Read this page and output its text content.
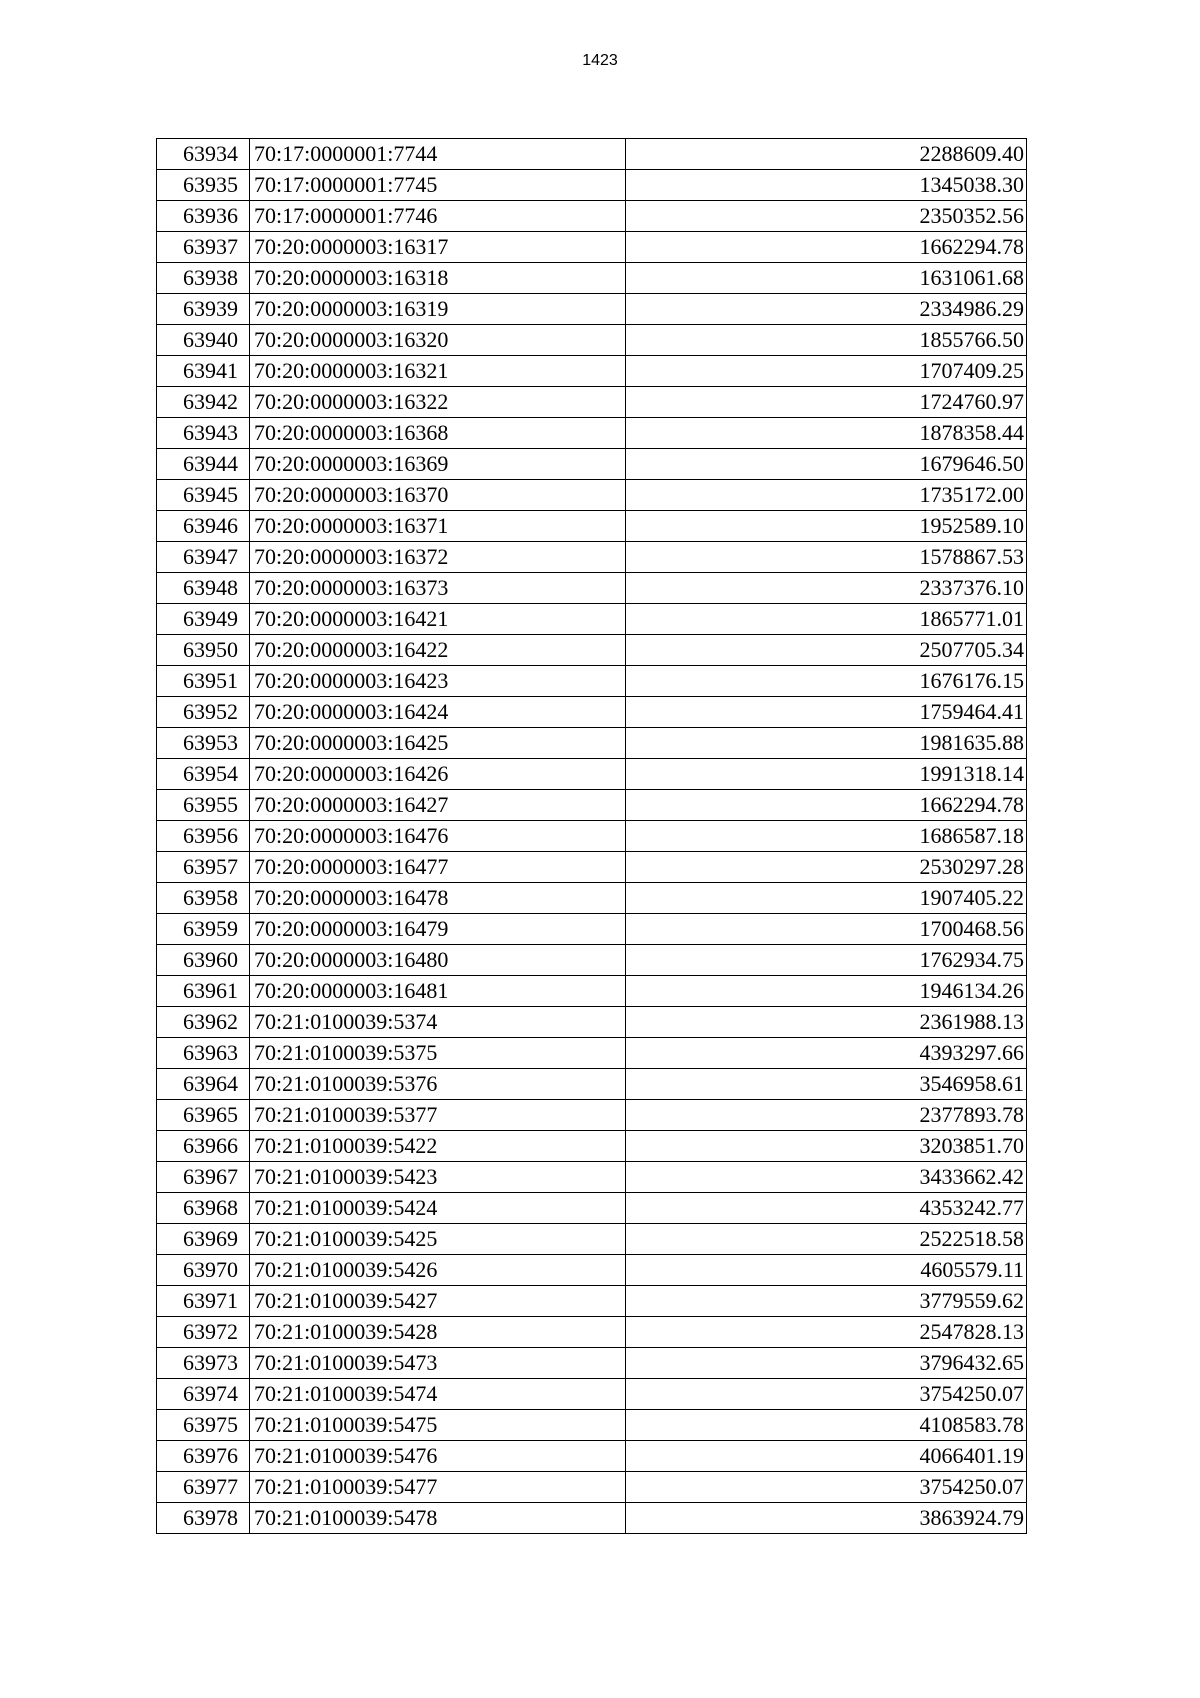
1423
63934	70:17:0000001:7744	2288609.40
63935	70:17:0000001:7745	1345038.30
63936	70:17:0000001:7746	2350352.56
63937	70:20:0000003:16317	1662294.78
63938	70:20:0000003:16318	1631061.68
63939	70:20:0000003:16319	2334986.29
63940	70:20:0000003:16320	1855766.50
63941	70:20:0000003:16321	1707409.25
63942	70:20:0000003:16322	1724760.97
63943	70:20:0000003:16368	1878358.44
63944	70:20:0000003:16369	1679646.50
63945	70:20:0000003:16370	1735172.00
63946	70:20:0000003:16371	1952589.10
63947	70:20:0000003:16372	1578867.53
63948	70:20:0000003:16373	2337376.10
63949	70:20:0000003:16421	1865771.01
63950	70:20:0000003:16422	2507705.34
63951	70:20:0000003:16423	1676176.15
63952	70:20:0000003:16424	1759464.41
63953	70:20:0000003:16425	1981635.88
63954	70:20:0000003:16426	1991318.14
63955	70:20:0000003:16427	1662294.78
63956	70:20:0000003:16476	1686587.18
63957	70:20:0000003:16477	2530297.28
63958	70:20:0000003:16478	1907405.22
63959	70:20:0000003:16479	1700468.56
63960	70:20:0000003:16480	1762934.75
63961	70:20:0000003:16481	1946134.26
63962	70:21:0100039:5374	2361988.13
63963	70:21:0100039:5375	4393297.66
63964	70:21:0100039:5376	3546958.61
63965	70:21:0100039:5377	2377893.78
63966	70:21:0100039:5422	3203851.70
63967	70:21:0100039:5423	3433662.42
63968	70:21:0100039:5424	4353242.77
63969	70:21:0100039:5425	2522518.58
63970	70:21:0100039:5426	4605579.11
63971	70:21:0100039:5427	3779559.62
63972	70:21:0100039:5428	2547828.13
63973	70:21:0100039:5473	3796432.65
63974	70:21:0100039:5474	3754250.07
63975	70:21:0100039:5475	4108583.78
63976	70:21:0100039:5476	4066401.19
63977	70:21:0100039:5477	3754250.07
63978	70:21:0100039:5478	3863924.79
